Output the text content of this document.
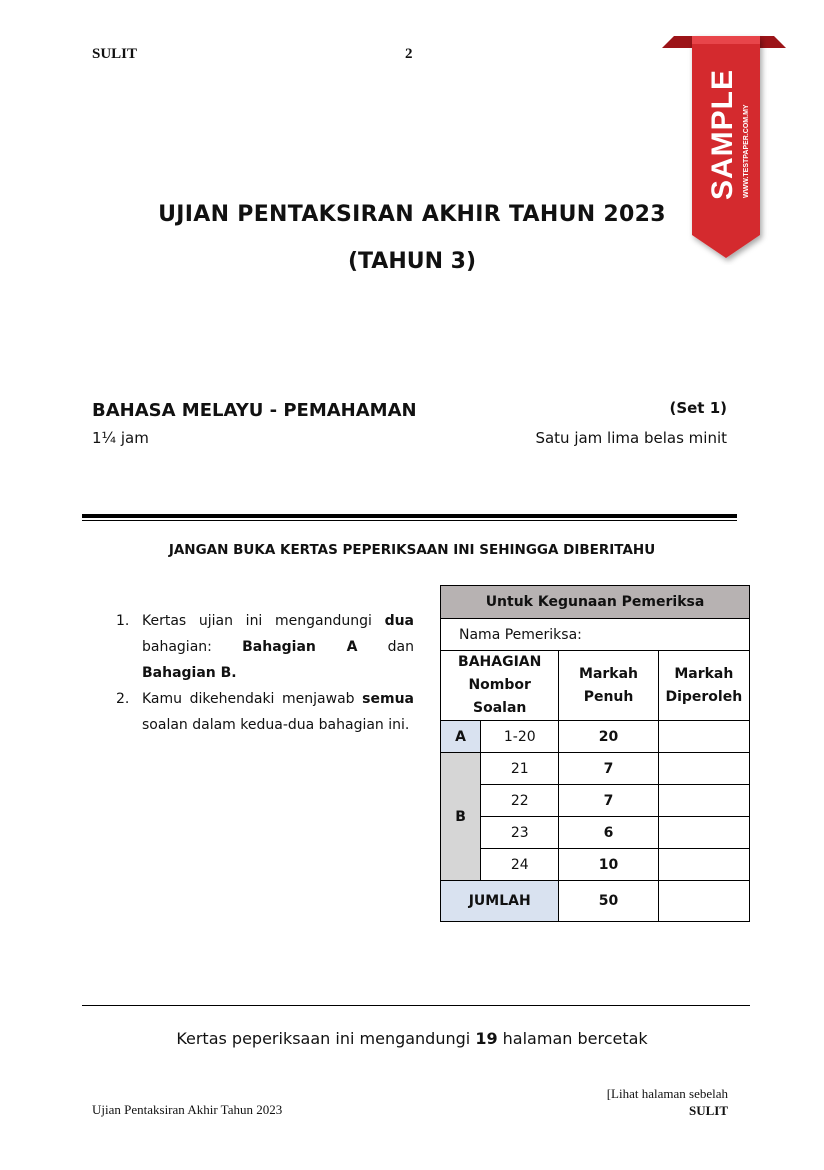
SULIT	2
SAMPLE WWW.TESTPAPER.COM.MY
UJIAN PENTAKSIRAN AKHIR TAHUN 2023
(TAHUN 3)
BAHASA MELAYU - PEMAHAMAN	(Set 1)
1¼ jam	Satu jam lima belas minit
JANGAN BUKA KERTAS PEPERIKSAAN INI SEHINGGA DIBERITAHU
1. Kertas ujian ini mengandungi dua bahagian: Bahagian A dan Bahagian B.
2. Kamu dikehendaki menjawab semua soalan dalam kedua-dua bahagian ini.
Untuk Kegunaan Pemeriksa			
Nama Pemeriksa:			
BAHAGIAN Nombor Soalan		Markah Penuh	Markah Diperoleh
A	1-20	20	
B	21	7	
	22	7	
	23	6	
	24	10	
JUMLAH		50	
Kertas peperiksaan ini mengandungi 19 halaman bercetak
Ujian Pentaksiran Akhir Tahun 2023
[Lihat halaman sebelah
SULIT
